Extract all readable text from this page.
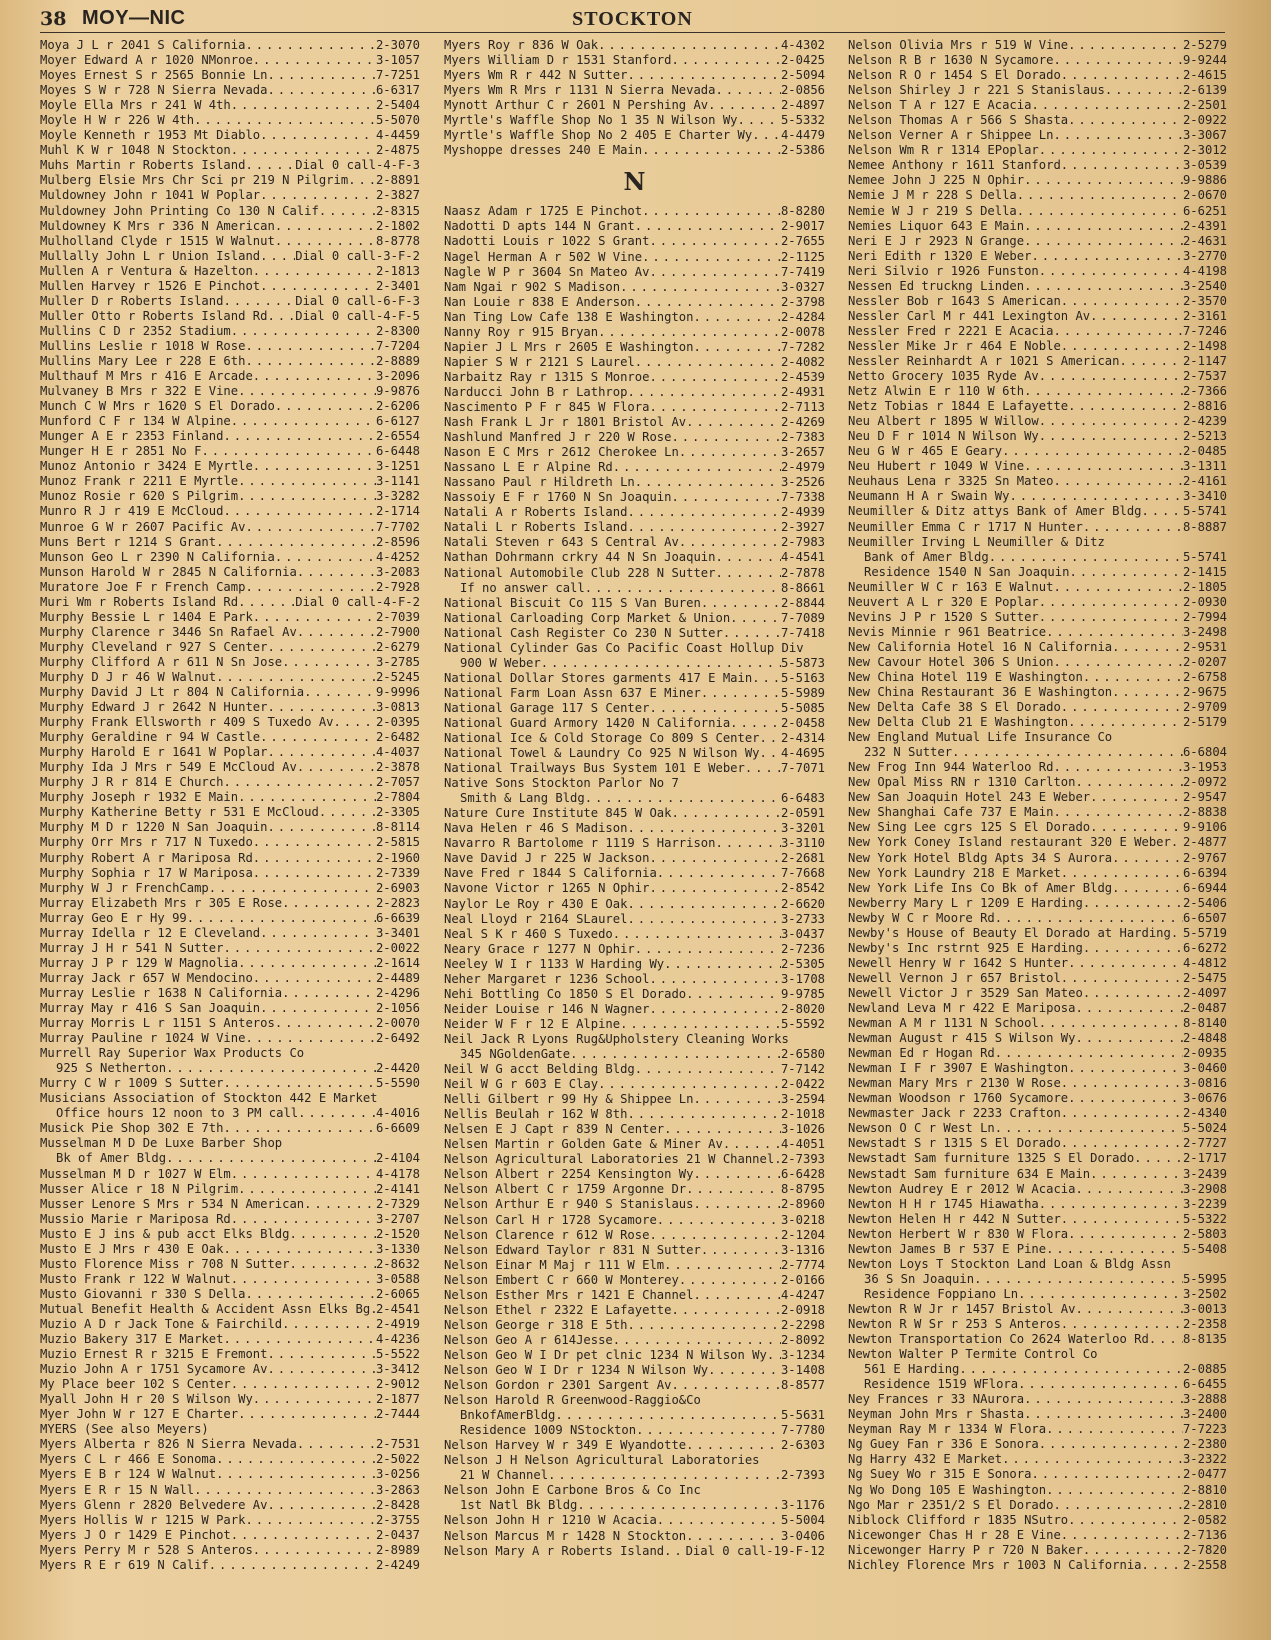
38 MOY—NIC	STOCKTON
Moya J L r 2041 S California . . .	2-3070
Moyer Edward A r 1020 NMonroe . . .	3-1057
Moyes Ernest S r 2565 Bonnie Ln . . .	7-7251
Moyes S W r 728 N Sierra Nevada . . .	6-6317
Moyle Ella Mrs r 241 W 4th . . .	2-5404
Moyle H W r 226 W 4th . . .	5-5070
Moyle Kenneth r 1953 Mt Diablo . . .	4-4459
Muhl K W r 1048 N Stockton . . .	2-4875
Muhs Martin r Roberts Island . . .	Dial 0 call-4-F-3
Mulberg Elsie Mrs Chr Sci pr 219 N Pilgrim . . . 2-8891
Muldowney John r 1041 W Poplar . . .	2-3827
Muldowney John Printing Co 130 N Calif . . .	2-8315
Muldowney K Mrs r 336 N American . . .	2-1802
Mulholland Clyde r 1515 W Walnut . . .	8-8778
Mullally John L r Union Island . . .	Dial 0 call-3-F-2
Mullen A r Ventura & Hazelton . . .	2-1813
Mullen Harvey r 1526 E Pinchot . . .	2-3401
Muller D r Roberts Island . . .	Dial 0 call-6-F-3
Muller Otto r Roberts Island Rd . . . Dial 0 call-4-F-5
Mullins C D r 2352 Stadium . . .	2-8300
Mullins Leslie r 1018 W Rose . . .	7-7204
Mullins Mary Lee r 228 E 6th . . .	2-8889
Multhauf M Mrs r 416 E Arcade . . .	3-2096
Mulvaney B Mrs r 322 E Vine . . .	9-9876
Munch C W Mrs r 1620 S El Dorado . . .	2-6206
Munford C F r 134 W Alpine . . .	6-6127
Munger A E r 2353 Finland . . .	2-6554
Munger H E r 2851 No F . . .	6-6448
Munoz Antonio r 3424 E Myrtle . . .	3-1251
Munoz Frank r 2211 E Myrtle . . .	3-1141
Munoz Rosie r 620 S Pilgrim . . .	3-3282
Munro R J r 419 E McCloud . . .	2-1714
Munroe G W r 2607 Pacific Av . . .	7-7702
Muns Bert r 1214 S Grant . . .	2-8596
Munson Geo L r 2390 N California . . .	4-4252
Munson Harold W r 2845 N California . . .	3-2083
Muratore Joe F r French Camp . . .	2-7928
Muri Wm r Roberts Island Rd . . .	Dial 0 call-4-F-2
Murphy Bessie L r 1404 E Park . . .	2-7039
Murphy Clarence r 3446 Sn Rafael Av . . .	2-7900
Murphy Cleveland r 927 S Center . . .	2-6279
Murphy Clifford A r 611 N Sn Jose . . .	3-2785
Murphy D J r 46 W Walnut . . .	2-5245
Murphy David J Lt r 804 N California . . .	9-9996
Murphy Edward J r 2642 N Hunter . . .	3-0813
Murphy Frank Ellsworth r 409 S Tuxedo Av . . .	2-0395
Murphy Geraldine r 94 W Castle . . .	2-6482
Murphy Harold E r 1641 W Poplar . . .	4-4037
Murphy Ida J Mrs r 549 E McCloud Av . . .	2-3878
Murphy J R r 814 E Church . . .	2-7057
Murphy Joseph r 1932 E Main . . .	2-7804
Murphy Katherine Betty r 531 E McCloud . . .	2-3305
Murphy M D r 1220 N San Joaquin . . .	8-8114
Murphy Orr Mrs r 717 N Tuxedo . . .	2-5815
Murphy Robert A r Mariposa Rd . . .	2-1960
Murphy Sophia r 17 W Mariposa . . .	2-7339
Murphy W J r FrenchCamp . . .	2-6903
Murray Elizabeth Mrs r 305 E Rose . . .	2-2823
Murray Geo E r Hy 99 . . .	6-6639
Murray Idella r 12 E Cleveland . . .	3-3401
Murray J H r 541 N Sutter . . .	2-0022
Murray J P r 129 W Magnolia . . .	2-1614
Murray Jack r 657 W Mendocino . . .	2-4489
Murray Leslie r 1638 N California . . .	2-4296
Murray May r 416 S San Joaquin . . .	2-1056
Murray Morris L r 1151 S Anteros . . .	2-0070
Murray Pauline r 1024 W Vine . . .	2-6492
Murrell Ray Superior Wax Products Co
925 S Netherton . . .	2-4420
Murry C W r 1009 S Sutter . . .	5-5590
Musicians Association of Stockton 442 E Market
Office hours 12 noon to 3 PM call . . .	4-4016
Musick Pie Shop 302 E 7th . . .	6-6609
Musselman M D De Luxe Barber Shop
Bk of Amer Bldg . . .	2-4104
Musselman M D r 1027 W Elm . . .	4-4178
Musser Alice r 18 N Pilgrim . . .	2-4141
Musser Lenore S Mrs r 534 N American . . .	2-7329
Mussio Marie r Mariposa Rd . . .	3-2707
Musto E J ins & pub acct Elks Bldg . . .	2-1520
Musto E J Mrs r 430 E Oak . . .	3-1330
Musto Florence Miss r 708 N Sutter . . .	2-8632
Musto Frank r 122 W Walnut . . .	3-0588
Musto Giovanni r 330 S Della . . .	2-6065
Mutual Benefit Health & Accident Assn Elks Bg . . . 2-4541
Muzio A D r Jack Tone & Fairchild . . .	2-4919
Muzio Bakery 317 E Market . . .	4-4236
Muzio Ernest R r 3215 E Fremont . . .	5-5522
Muzio John A r 1751 Sycamore Av . . .	3-3412
My Place beer 102 S Center . . .	2-9012
Myall John H r 20 S Wilson Wy . . .	2-1877
Myer John W r 127 E Charter . . .	2-7444
MYERS (See also Meyers)
Myers Alberta r 826 N Sierra Nevada . . .	2-7531
Myers C L r 466 E Sonoma . . .	2-5022
Myers E B r 124 W Walnut . . .	3-0256
Myers E R r 15 N Wall . . .	3-2863
Myers Glenn r 2820 Belvedere Av . . .	2-8428
Myers Hollis W r 1215 W Park . . .	2-3755
Myers J O r 1429 E Pinchot . . .	2-0437
Myers Perry M r 528 S Anteros . . .	2-8989
Myers R E r 619 N Calif . . .	2-4249
Myers Roy r 836 W Oak . . .	4-4302
Myers William D r 1531 Stanford . . .	2-0425
Myers Wm R r 442 N Sutter . . .	2-5094
Myers Wm R Mrs r 1131 N Sierra Nevada . . .	2-0856
Mynott Arthur C r 2601 N Pershing Av . . .	2-4897
Myrtle's Waffle Shop No 1 35 N Wilson Wy . . .	5-5332
Myrtle's Waffle Shop No 2 405 E Charter Wy . . . 4-4479
Myshoppe dresses 240 E Main . . .	2-5386
N
Naasz Adam r 1725 E Pinchot . . .	8-8280
Nadotti D apts 144 N Grant . . .	2-9017
Nadotti Louis r 1022 S Grant . . .	2-7655
Nagel Herman A r 502 W Vine . . .	2-1125
Nagle W P r 3604 Sn Mateo Av . . .	7-7419
Nam Ngai r 902 S Madison . . .	3-0327
Nan Louie r 838 E Anderson . . .	2-3798
Nan Ting Low Cafe 138 E Washington . . .	2-4284
Nanny Roy r 915 Bryan . . .	2-0078
Napier J L Mrs r 2605 E Washington . . .	7-7282
Napier S W r 2121 S Laurel . . .	2-4082
Narbaitz Ray r 1315 S Monroe . . .	2-4539
Narducci John B r Lathrop . . .	2-4931
Nascimento P F r 845 W Flora . . .	2-7113
Nash Frank L Jr r 1801 Bristol Av . . .	2-4269
Nashlund Manfred J r 220 W Rose . . .	2-7383
Nason E C Mrs r 2612 Cherokee Ln . . .	3-2657
Nassano L E r Alpine Rd . . .	2-4979
Nassano Paul r Hildreth Ln . . .	3-2526
Nassoiy E F r 1760 N Sn Joaquin . . .	7-7338
Natali A r Roberts Island . . .	2-4939
Natali L r Roberts Island . . .	2-3927
Natali Steven r 643 S Central Av . . .	2-7983
Nathan Dohrmann crkry 44 N Sn Joaquin . . .	4-4541
National Automobile Club 228 N Sutter . . .	2-7878
If no answer call . . .	8-8661
National Biscuit Co 115 S Van Buren . . .	2-8844
National Carloading Corp Market & Union . . .	7-7089
National Cash Register Co 230 N Sutter . . .	7-7418
National Cylinder Gas Co Pacific Coast Hollup Div
900 W Weber . . .	5-5873
National Dollar Stores garments 417 E Main . . . 5-5163
National Farm Loan Assn 637 E Miner . . .	5-5989
National Garage 117 S Center . . .	5-5085
National Guard Armory 1420 N California . . .	2-0458
National Ice & Cold Storage Co 809 S Center . . . 2-4314
National Towel & Laundry Co 925 N Wilson Wy . . . 4-4695
National Trailways Bus System 101 E Weber . . .	7-7071
Native Sons Stockton Parlor No 7
Smith & Lang Bldg . . .	6-6483
Nature Cure Institute 845 W Oak . . .	2-0591
Nava Helen r 46 S Madison . . .	3-3201
Navarro R Bartolome r 1119 S Harrison . . .	3-3110
Nave David J r 225 W Jackson . . .	2-2681
Nave Fred r 1844 S California . . .	7-7668
Navone Victor r 1265 N Ophir . . .	2-8542
Naylor Le Roy r 430 E Oak . . .	2-6620
Neal Lloyd r 2164 SLaurel . . .	3-2733
Neal S K r 460 S Tuxedo . . .	3-0437
Neary Grace r 1277 N Ophir . . .	2-7236
Neeley W I r 1133 W Harding Wy . . .	2-5305
Neher Margaret r 1236 School . . .	3-1708
Nehi Bottling Co 1850 S El Dorado . . .	9-9785
Neider Louise r 146 N Wagner . . .	2-8020
Neider W F r 12 E Alpine . . .	5-5592
Neil Jack R Lyons Rug&Upholstery Cleaning Works
345 NGoldenGate . . .	2-6580
Neil W G acct Belding Bldg . . .	7-7142
Neil W G r 603 E Clay . . .	2-0422
Nelli Gilbert r 99 Hy & Shippee Ln . . .	3-2594
Nellis Beulah r 162 W 8th . . .	2-1018
Nelsen E J Capt r 839 N Center . . .	3-1026
Nelsen Martin r Golden Gate & Miner Av . . .	4-4051
Nelson Agricultural Laboratories 21 W Channel . . . 2-7393
Nelson Albert r 2254 Kensington Wy . . .	6-6428
Nelson Albert C r 1759 Argonne Dr . . .	8-8795
Nelson Arthur E r 940 S Stanislaus . . .	2-8960
Nelson Carl H r 1728 Sycamore . . .	3-0218
Nelson Clarence r 612 W Rose . . .	2-1204
Nelson Edward Taylor r 831 N Sutter . . .	3-1316
Nelson Einar M Maj r 111 W Elm . . .	2-7774
Nelson Embert C r 660 W Monterey . . .	2-0166
Nelson Esther Mrs r 1421 E Channel . . .	4-4247
Nelson Ethel r 2322 E Lafayette . . .	2-0918
Nelson George r 318 E 5th . . .	2-2298
Nelson Geo A r 614Jesse . . .	2-8092
Nelson Geo W I Dr pet clnic 1234 N Wilson Wy . . . 3-1234
Nelson Geo W I Dr r 1234 N Wilson Wy . . .	3-1408
Nelson Gordon r 2301 Sargent Av . . .	8-8577
Nelson Harold R Greenwood-Raggio&Co
BnkofAmerBldg . . .	5-5631
Residence 1009 NStockton . . .	7-7780
Nelson Harvey W r 349 E Wyandotte . . .	2-6303
Nelson J H Nelson Agricultural Laboratories
21 W Channel . . .	2-7393
Nelson John E Carbone Bros & Co Inc
1st Natl Bk Bldg . . .	3-1176
Nelson John H r 1210 W Acacia . . .	5-5004
Nelson Marcus M r 1428 N Stockton . . .	3-0406
Nelson Mary A r Roberts Island . . . Dial 0 call-19-F-12
Nelson Olivia Mrs r 519 W Vine . . .	2-5279
Nelson R B r 1630 N Sycamore . . .	9-9244
Nelson R O r 1454 S El Dorado . . .	2-4615
Nelson Shirley J r 221 S Stanislaus . . .	2-6139
Nelson T A r 127 E Acacia . . .	2-2501
Nelson Thomas A r 566 S Shasta . . .	2-0922
Nelson Verner A r Shippee Ln . . .	3-3067
Nelson Wm R r 1314 EPoplar . . .	2-3012
Nemee Anthony r 1611 Stanford . . .	3-0539
Nemee John J 225 N Ophir . . .	9-9886
Nemie J M r 228 S Della . . .	2-0670
Nemie W J r 219 S Della . . .	6-6251
Nemies Liquor 643 E Main . . .	2-4391
Neri E J r 2923 N Grange . . .	2-4631
Neri Edith r 1320 E Weber . . .	3-2770
Neri Silvio r 1926 Funston . . .	4-4198
Nessen Ed truckng Linden . . .	3-2540
Nessler Bob r 1643 S American . . .	2-3570
Nessler Carl M r 441 Lexington Av . . .	2-3161
Nessler Fred r 2221 E Acacia . . .	7-7246
Nessler Mike Jr r 464 E Noble . . .	2-1498
Nessler Reinhardt A r 1021 S American . . .	2-1147
Netto Grocery 1035 Ryde Av . . .	2-7537
Netz Alwin E r 110 W 6th . . .	2-7366
Netz Tobias r 1844 E Lafayette . . .	2-8816
Neu Albert r 1895 W Willow . . .	2-4239
Neu D F r 1014 N Wilson Wy . . .	2-5213
Neu G W r 465 E Geary . . .	2-0485
Neu Hubert r 1049 W Vine . . .	3-1311
Neuhaus Lena r 3325 Sn Mateo . . .	2-4161
Neumann H A r Swain Wy . . .	3-3410
Neumiller & Ditz attys Bank of Amer Bldg . . .	5-5741
Neumiller Emma C r 1717 N Hunter . . .	8-8887
Neumiller Irving L Neumiller & Ditz
Bank of Amer Bldg . . .	5-5741
Residence 1540 N San Joaquin . . .	2-1415
Neumiller W C r 163 E Walnut . . .	2-1805
Neuvert A L r 320 E Poplar . . .	2-0930
Nevins J P r 1520 S Sutter . . .	2-7994
Nevis Minnie r 961 Beatrice . . .	3-2498
New California Hotel 16 N California . . .	2-9531
New Cavour Hotel 306 S Union . . .	2-0207
New China Hotel 119 E Washington . . .	2-6758
New China Restaurant 36 E Washington . . .	2-9675
New Delta Cafe 38 S El Dorado . . .	2-9709
New Delta Club 21 E Washington . . .	2-5179
New England Mutual Life Insurance Co
232 N Sutter . . .	6-6804
New Frog Inn 944 Waterloo Rd . . .	3-1953
New Opal Miss RN r 1310 Carlton . . .	2-0972
New San Joaquin Hotel 243 E Weber . . .	2-9547
New Shanghai Cafe 737 E Main . . .	2-8838
New Sing Lee cgrs 125 S El Dorado . . .	9-9106
New York Coney Island restaurant 320 E Weber . . . 2-4877
New York Hotel Bldg Apts 34 S Aurora . . .	2-9767
New York Laundry 218 E Market . . .	6-6394
New York Life Ins Co Bk of Amer Bldg . . .	6-6944
Newberry Mary L r 1209 E Harding . . .	2-5406
Newby W C r Moore Rd . . .	6-6507
Newby's House of Beauty El Dorado at Harding . . . 5-5719
Newby's Inc rstrnt 925 E Harding . . .	6-6272
Newell Henry W r 1642 S Hunter . . .	4-4812
Newell Vernon J r 657 Bristol . . .	2-5475
Newell Victor J r 3529 San Mateo . . .	2-4097
Newland Leva M r 422 E Mariposa . . .	2-0487
Newman A M r 1131 N School . . .	8-8140
Newman August r 415 S Wilson Wy . . .	2-4848
Newman Ed r Hogan Rd . . .	2-0935
Newman I F r 3907 E Washington . . .	3-0460
Newman Mary Mrs r 2130 W Rose . . .	3-0816
Newman Woodson r 1760 Sycamore . . .	3-0676
Newmaster Jack r 2233 Crafton . . .	2-4340
Newson O C r West Ln . . .	5-5024
Newstadt S r 1315 S El Dorado . . .	2-7727
Newstadt Sam furniture 1325 S El Dorado . . .	2-1717
Newstadt Sam furniture 634 E Main . . .	3-2439
Newton Audrey E r 2012 W Acacia . . .	3-2908
Newton H H r 1745 Hiawatha . . .	3-2239
Newton Helen H r 442 N Sutter . . .	5-5322
Newton Herbert W r 830 W Flora . . .	2-5803
Newton James B r 537 E Pine . . .	5-5408
Newton Loys T Stockton Land Loan & Bldg Assn
36 S Sn Joaquin . . .	5-5995
Residence Foppiano Ln . . .	3-2502
Newton R W Jr r 1457 Bristol Av . . .	3-0013
Newton R W Sr r 253 S Anteros . . .	2-2358
Newton Transportation Co 2624 Waterloo Rd . . .	8-8135
Newton Walter P Termite Control Co
561 E Harding . . .	2-0885
Residence 1519 WFlora . . .	6-6455
Ney Frances r 33 NAurora . . .	3-2888
Neyman John Mrs r Shasta . . .	3-2400
Neyman Ray M r 1334 W Flora . . .	7-7223
Ng Guey Fan r 336 E Sonora . . .	2-2380
Ng Harry 432 E Market . . .	3-2322
Ng Suey Wo r 315 E Sonora . . .	2-0477
Ng Wo Dong 105 E Washington . . .	2-8810
Ngo Mar r 2351/2 S El Dorado . . .	2-2810
Niblock Clifford r 1835 NSutro . . .	2-0582
Nicewonger Chas H r 28 E Vine . . .	2-7136
Nicewonger Harry P r 720 N Baker . . .	2-7820
Nichley Florence Mrs r 1003 N California . . .	2-2558
